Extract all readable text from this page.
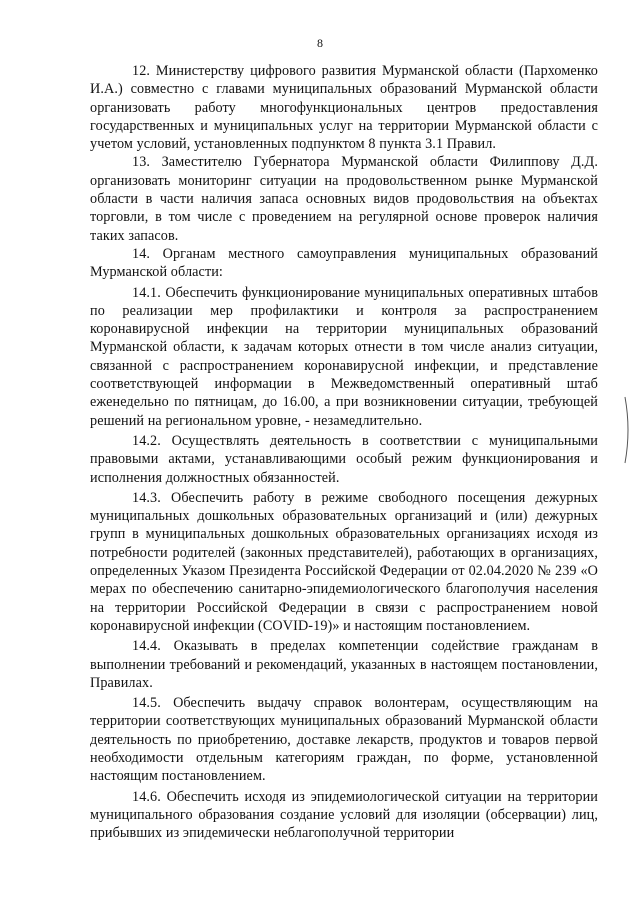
8

12. Министерству цифрового развития Мурманской области (Пархоменко И.А.) совместно с главами муниципальных образований Мурманской области организовать работу многофункциональных центров предоставления государственных и муниципальных услуг на территории Мурманской области с учетом условий, установленных подпунктом 8 пункта 3.1 Правил.

13. Заместителю Губернатора Мурманской области Филиппову Д.Д. организовать мониторинг ситуации на продовольственном рынке Мурманской области в части наличия запаса основных видов продовольствия на объектах торговли, в том числе с проведением на регулярной основе проверок наличия таких запасов.

14. Органам местного самоуправления муниципальных образований Мурманской области:

14.1. Обеспечить функционирование муниципальных оперативных штабов по реализации мер профилактики и контроля за распространением коронавирусной инфекции на территории муниципальных образований Мурманской области, к задачам которых отнести в том числе анализ ситуации, связанной с распространением коронавирусной инфекции, и представление соответствующей информации в Межведомственный оперативный штаб еженедельно по пятницам, до 16.00, а при возникновении ситуации, требующей решений на региональном уровне, - незамедлительно.

14.2. Осуществлять деятельность в соответствии с муниципальными правовыми актами, устанавливающими особый режим функционирования и исполнения должностных обязанностей.

14.3. Обеспечить работу в режиме свободного посещения дежурных муниципальных дошкольных образовательных организаций и (или) дежурных групп в муниципальных дошкольных образовательных организациях исходя из потребности родителей (законных представителей), работающих в организациях, определенных Указом Президента Российской Федерации от 02.04.2020 № 239 «О мерах по обеспечению санитарно-эпидемиологического благополучия населения на территории Российской Федерации в связи с распространением новой коронавирусной инфекции (COVID-19)» и настоящим постановлением.

14.4. Оказывать в пределах компетенции содействие гражданам в выполнении требований и рекомендаций, указанных в настоящем постановлении, Правилах.

14.5. Обеспечить выдачу справок волонтерам, осуществляющим на территории соответствующих муниципальных образований Мурманской области деятельность по приобретению, доставке лекарств, продуктов и товаров первой необходимости отдельным категориям граждан, по форме, установленной настоящим постановлением.

14.6. Обеспечить исходя из эпидемиологической ситуации на территории муниципального образования создание условий для изоляции (обсервации) лиц, прибывших из эпидемически неблагополучной территории
